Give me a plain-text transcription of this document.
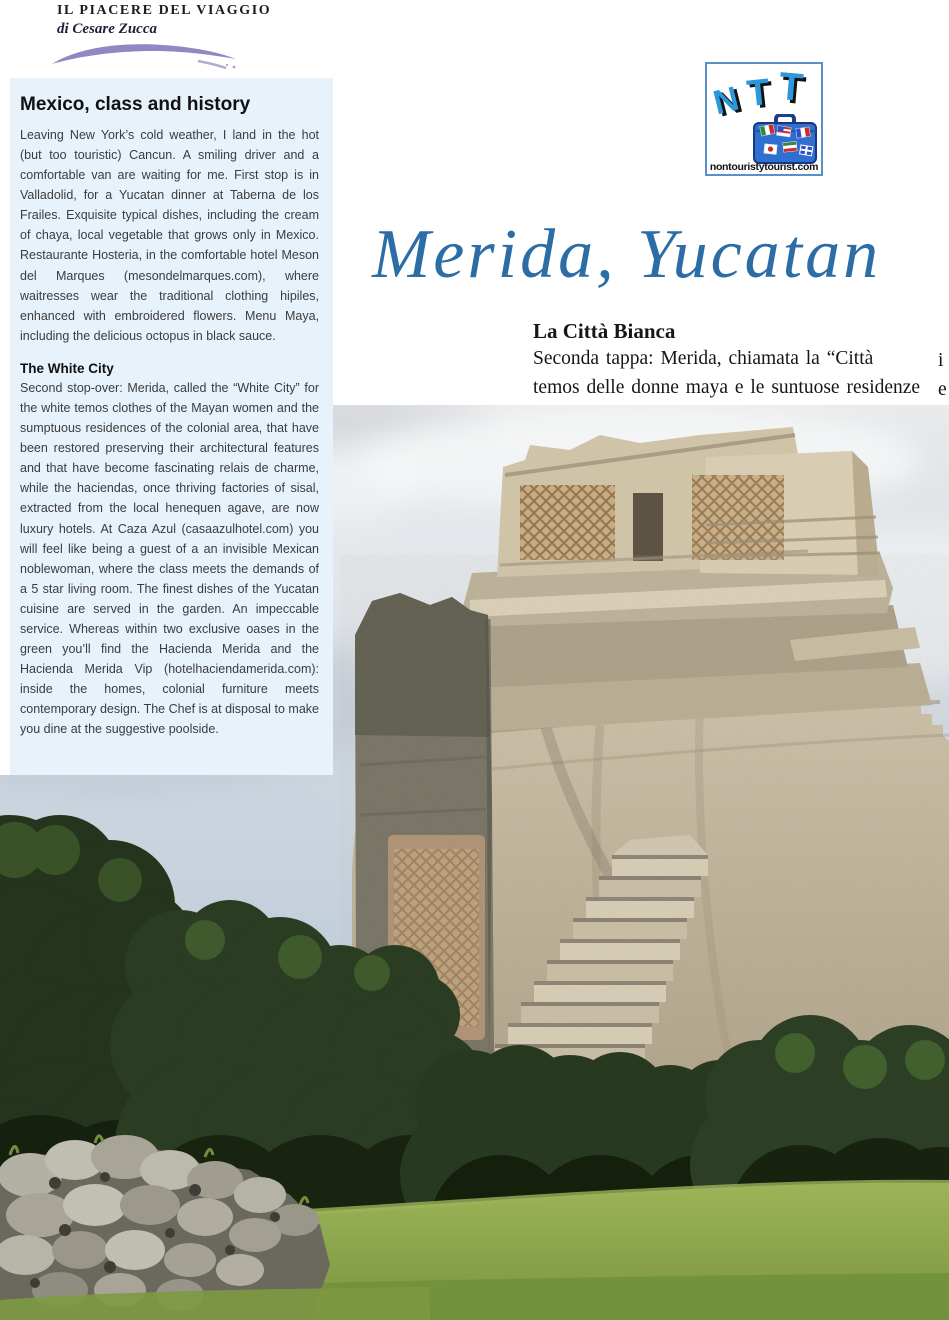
IL PIACERE DEL VIAGGIO
di Cesare Zucca
Mexico, class and history

Leaving New York’s cold weather, I land in the hot (but too touristic) Cancun. A smiling driver and a comfortable van are waiting for me. First stop is in Valladolid, for a Yucatan dinner at Taberna de los Frailes. Exquisite typical dishes, including the cream of chaya, local vegetable that grows only in Mexico. Restaurante Hosteria, in the comfortable hotel Meson del Marques (mesondelmarques.com), where waitresses wear the traditional clothing hipiles, enhanced with embroidered flowers. Menu Maya, including the delicious octopus in black sauce.

The White City

Second stop-over: Merida, called the “White City” for the white temos clothes of the Mayan women and the sumptuous residences of the colonial area, that have been restored preserving their architectural features and that have become fascinating relais de charme, while the haciendas, once thriving factories of sisal, extracted from the local henequen agave, are now luxury hotels. At Caza Azul (casaazulhotel.com) you will feel like being a guest of a an invisible Mexican noblewoman, where the class meets the demands of a 5 star living room. The finest dishes of the Yucatan cuisine are served in the garden. An impeccable service. Whereas within two exclusive oases in the green you’ll find the Hacienda Merida and the Hacienda Merida Vip (hotelhaciendamerida.com): inside the homes, colonial furniture meets contemporary design. The Chef is at disposal to make you dine at the suggestive poolside.

N T T
nontouristytourist.com
Merida, Yucatan
La Città Bianca
Seconda tappa: Merida, chiamata la “Città
temos delle donne maya e le suntuose residenze
i
e
